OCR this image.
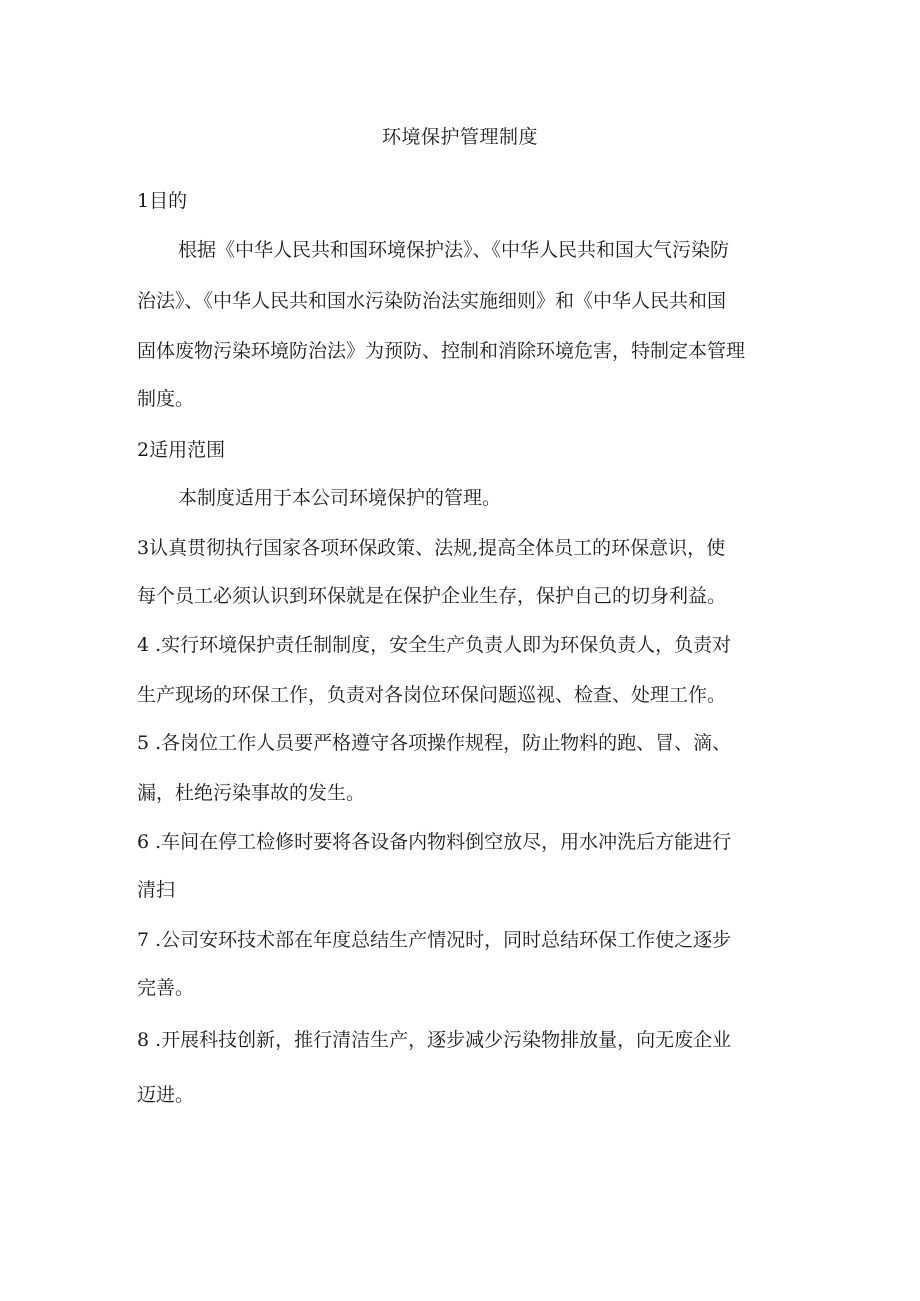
环境保护管理制度
1目的
根据《中华人民共和国环境保护法》、《中华人民共和国大气污染防
治法》、《中华人民共和国水污染防治法实施细则》和《中华人民共和国
固体废物污染环境防治法》为预防、控制和消除环境危害，特制定本管理
制度。
2适用范围
本制度适用于本公司环境保护的管理。
3认真贯彻执行国家各项环保政策、法规,提高全体员工的环保意识，使
每个员工必须认识到环保就是在保护企业生存，保护自己的切身利益。
4 .实行环境保护责任制制度，安全生产负责人即为环保负责人，负责对
生产现场的环保工作，负责对各岗位环保问题巡视、检查、处理工作。
5 .各岗位工作人员要严格遵守各项操作规程，防止物料的跑、冒、滴、
漏，杜绝污染事故的发生。
6 .车间在停工检修时要将各设备内物料倒空放尽，用水冲洗后方能进行
清扫
7 .公司安环技术部在年度总结生产情况时，同时总结环保工作使之逐步
完善。
8 .开展科技创新，推行清洁生产，逐步减少污染物排放量，向无废企业
迈进。
